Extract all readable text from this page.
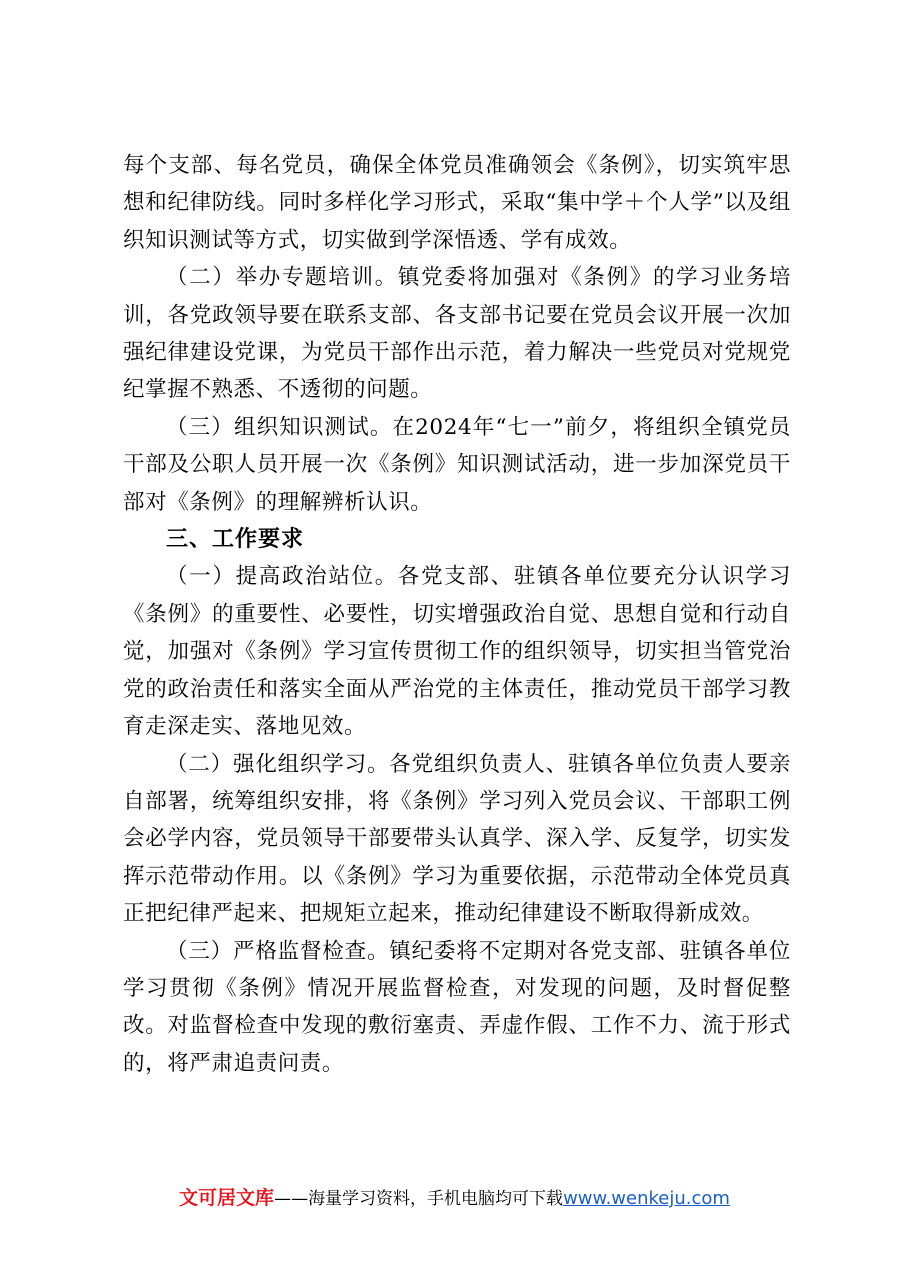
每个支部、每名党员，确保全体党员准确领会《条例》，切实筑牢思想和纪律防线。同时多样化学习形式，采取“集中学＋个人学”以及组织知识测试等方式，切实做到学深悟透、学有成效。

（二）举办专题培训。镇党委将加强对《条例》的学习业务培训，各党政领导要在联系支部、各支部书记要在党员会议开展一次加强纪律建设党课，为党员干部作出示范，着力解决一些党员对党规党纪掌握不熟悉、不透彻的问题。

（三）组织知识测试。在2024年“七一”前夕，将组织全镇党员干部及公职人员开展一次《条例》知识测试活动，进一步加深党员干部对《条例》的理解辨析认识。

三、工作要求

（一）提高政治站位。各党支部、驻镇各单位要充分认识学习《条例》的重要性、必要性，切实增强政治自觉、思想自觉和行动自觉，加强对《条例》学习宣传贯彻工作的组织领导，切实担当管党治党的政治责任和落实全面从严治党的主体责任，推动党员干部学习教育走深走实、落地见效。

（二）强化组织学习。各党组织负责人、驻镇各单位负责人要亲自部署，统筹组织安排，将《条例》学习列入党员会议、干部职工例会必学内容，党员领导干部要带头认真学、深入学、反复学，切实发挥示范带动作用。以《条例》学习为重要依据，示范带动全体党员真正把纪律严起来、把规矩立起来，推动纪律建设不断取得新成效。

（三）严格监督检查。镇纪委将不定期对各党支部、驻镇各单位学习贯彻《条例》情况开展监督检查，对发现的问题，及时督促整改。对监督检查中发现的敷衍塞责、弄虚作假、工作不力、流于形式的，将严肃追责问责。

文可居文库——海量学习资料，手机电脑均可下载www.wenkeju.com
